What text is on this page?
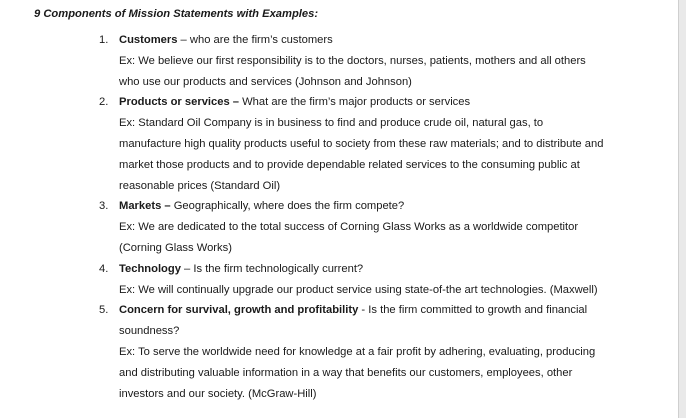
9 Components of Mission Statements with Examples:
1. Customers – who are the firm’s customers
Ex: We believe our first responsibility is to the doctors, nurses, patients, mothers and all others
who use our products and services (Johnson and Johnson)
2. Products or services – What are the firm’s major products or services
Ex: Standard Oil Company is in business to find and produce crude oil, natural gas, to
manufacture high quality products useful to society from these raw materials; and to distribute and
market those products and to provide dependable related services to the consuming public at
reasonable prices (Standard Oil)
3. Markets – Geographically, where does the firm compete?
Ex: We are dedicated to the total success of Corning Glass Works as a worldwide competitor
(Corning Glass Works)
4. Technology – Is the firm technologically current?
Ex: We will continually upgrade our product service using state-of-the art technologies. (Maxwell)
5. Concern for survival, growth and profitability - Is the firm committed to growth and financial
soundness?
Ex: To serve the worldwide need for knowledge at a fair profit by adhering, evaluating, producing
and distributing valuable information in a way that benefits our customers, employees, other
investors and our society. (McGraw-Hill)
